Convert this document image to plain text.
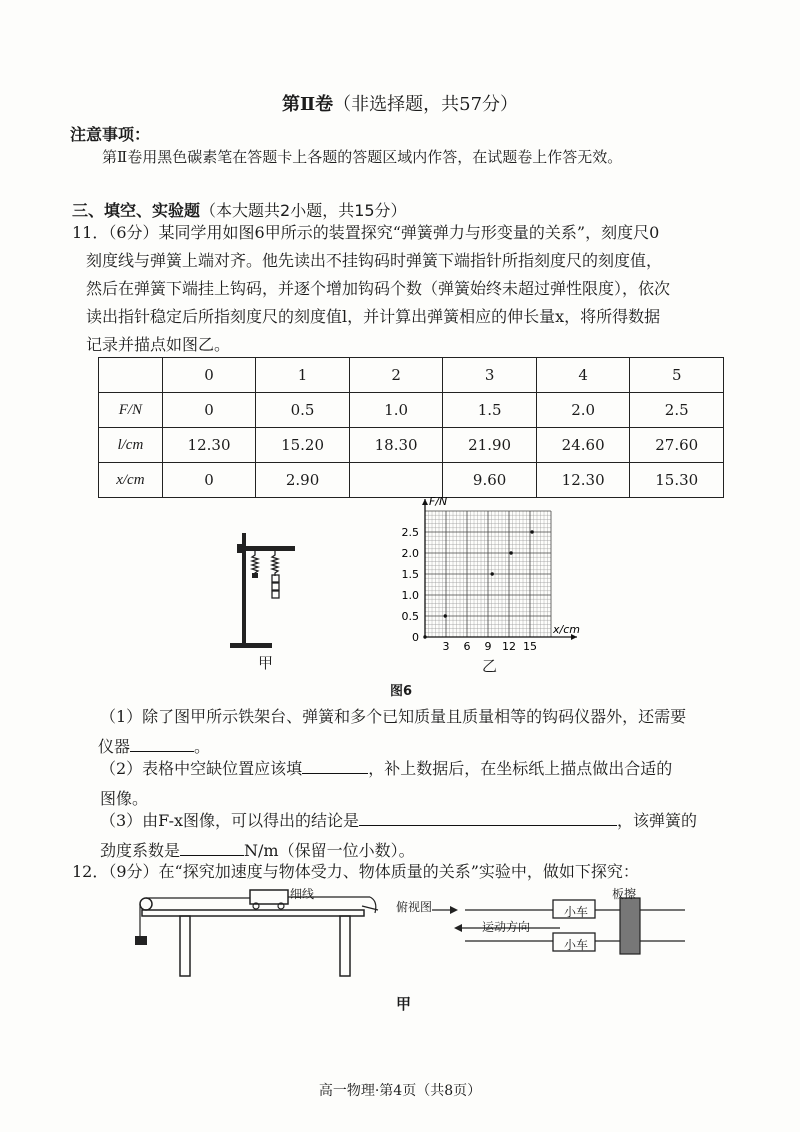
第Ⅱ卷（非选择题，共57分）
注意事项：
第Ⅱ卷用黑色碳素笔在答题卡上各题的答题区域内作答，在试题卷上作答无效。
三、填空、实验题（本大题共2小题，共15分）
11．（6分）某同学用如图6甲所示的装置探究“弹簧弹力与形变量的关系”，刻度尺0
刻度线与弹簧上端对齐。他先读出不挂钩码时弹簧下端指针所指刻度尺的刻度值，
然后在弹簧下端挂上钩码，并逐个增加钩码个数（弹簧始终未超过弹性限度），依次
读出指针稳定后所指刻度尺的刻度值l，并计算出弹簧相应的伸长量x，将所得数据
记录并描点如图乙。
	0	1	2	3	4	5
F/N	0	0.5	1.0	1.5	2.0	2.5
l/cm	12.30	15.20	18.30	21.90	24.60	27.60
x/cm	0	2.90		9.60	12.30	15.30
甲
x/cm
F/N
3 6 9 12 15
0
0.5
1.0
1.5
2.0
2.5
乙
图6
（1）除了图甲所示铁架台、弹簧和多个已知质量且质量相等的钩码仪器外，还需要
仪器	。
（2）表格中空缺位置应该填	，补上数据后，在坐标纸上描点做出合适的
图像。
（3）由F-x图像，可以得出的结论是	，该弹簧的
劲度系数是	N/m（保留一位小数）。
12．（9分）在“探究加速度与物体受力、物体质量的关系”实验中，做如下探究：
细线
俯视图
运动方向
小车
小车
板擦
甲
高一物理·第4页（共8页）
